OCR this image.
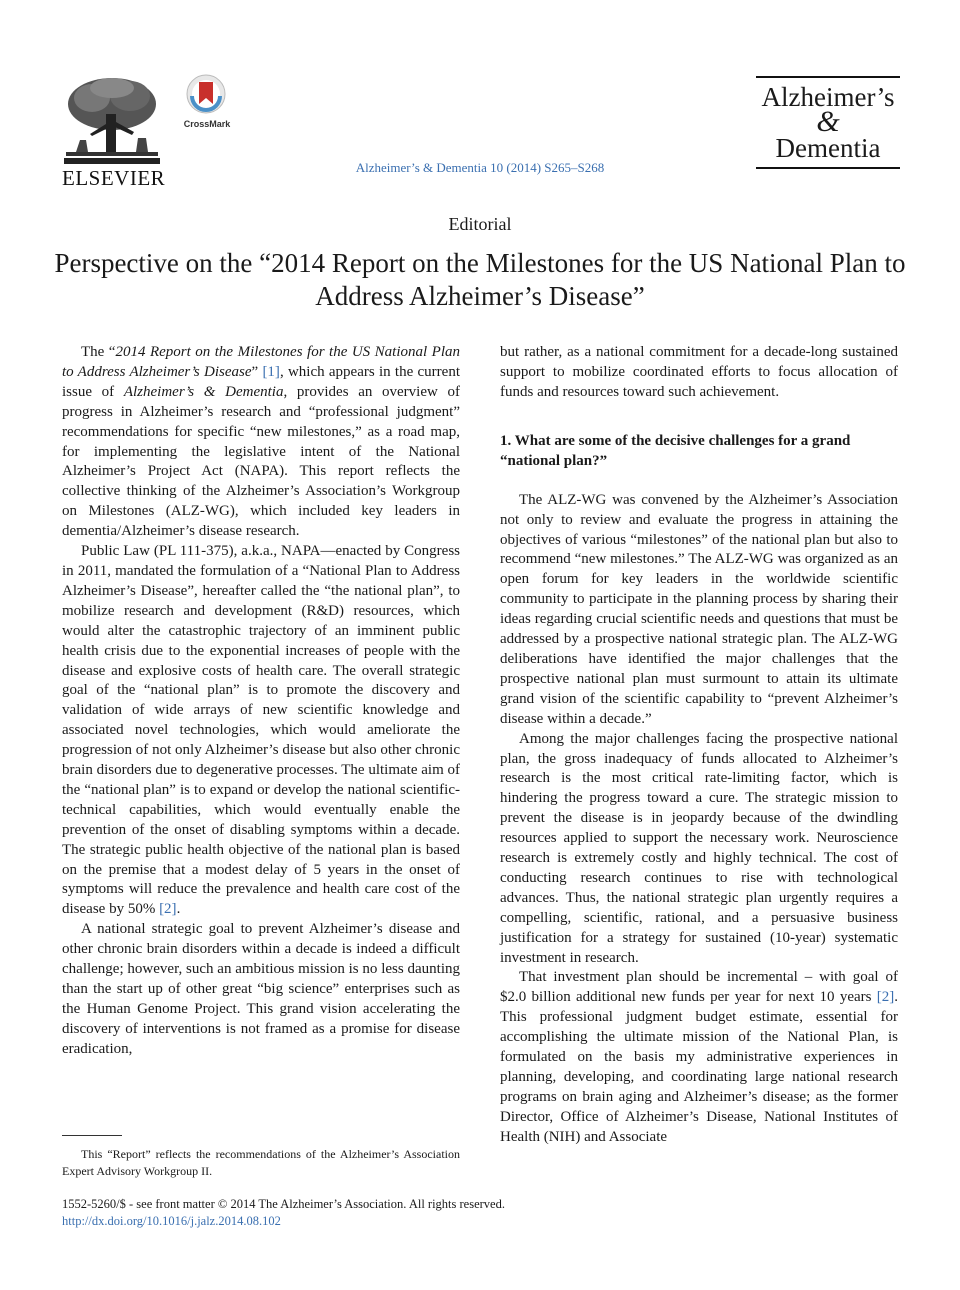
ELSEVIER
CrossMark
Alzheimer’s & Dementia 10 (2014) S265–S268
Alzheimer’s
&
Dementia
Editorial
Perspective on the “2014 Report on the Milestones for the US National Plan to Address Alzheimer’s Disease”

The “2014 Report on the Milestones for the US National Plan to Address Alzheimer’s Disease” [1], which appears in the current issue of Alzheimer’s & Dementia, provides an overview of progress in Alzheimer’s research and “professional judgment” recommendations for specific “new milestones,” as a road map, for implementing the legislative intent of the National Alzheimer’s Project Act (NAPA). This report reflects the collective thinking of the Alzheimer’s Association’s Workgroup on Milestones (ALZ-WG), which included key leaders in dementia/Alzheimer’s disease research.

Public Law (PL 111-375), a.k.a., NAPA—enacted by Congress in 2011, mandated the formulation of a “National Plan to Address Alzheimer’s Disease”, hereafter called the “the national plan”, to mobilize research and development (R&D) resources, which would alter the catastrophic trajectory of an imminent public health crisis due to the exponential increases of people with the disease and explosive costs of health care. The overall strategic goal of the “national plan” is to promote the discovery and validation of wide arrays of new scientific knowledge and associated novel technologies, which would ameliorate the progression of not only Alzheimer’s disease but also other chronic brain disorders due to degenerative processes. The ultimate aim of the “national plan” is to expand or develop the national scientific-technical capabilities, which would eventually enable the prevention of the onset of disabling symptoms within a decade. The strategic public health objective of the national plan is based on the premise that a modest delay of 5 years in the onset of symptoms will reduce the prevalence and health care cost of the disease by 50% [2].

A national strategic goal to prevent Alzheimer’s disease and other chronic brain disorders within a decade is indeed a difficult challenge; however, such an ambitious mission is no less daunting than the start up of other great “big science” enterprises such as the Human Genome Project. This grand vision accelerating the discovery of interventions is not framed as a promise for disease eradication,

but rather, as a national commitment for a decade-long sustained support to mobilize coordinated efforts to focus allocation of funds and resources toward such achievement.

1. What are some of the decisive challenges for a grand “national plan?”

The ALZ-WG was convened by the Alzheimer’s Association not only to review and evaluate the progress in attaining the objectives of various “milestones” of the national plan but also to recommend “new milestones.” The ALZ-WG was organized as an open forum for key leaders in the worldwide scientific community to participate in the planning process by sharing their ideas regarding crucial scientific needs and questions that must be addressed by a prospective national strategic plan. The ALZ-WG deliberations have identified the major challenges that the prospective national plan must surmount to attain its ultimate grand vision of the scientific capability to “prevent Alzheimer’s disease within a decade.”

Among the major challenges facing the prospective national plan, the gross inadequacy of funds allocated to Alzheimer’s research is the most critical rate-limiting factor, which is hindering the progress toward a cure. The strategic mission to prevent the disease is in jeopardy because of the dwindling resources applied to support the necessary work. Neuroscience research is extremely costly and highly technical. The cost of conducting research continues to rise with technological advances. Thus, the national strategic plan urgently requires a compelling, scientific, rational, and a persuasive business justification for a strategy for sustained (10-year) systematic investment in research.

That investment plan should be incremental – with goal of $2.0 billion additional new funds per year for next 10 years [2]. This professional judgment budget estimate, essential for accomplishing the ultimate mission of the National Plan, is formulated on the basis my administrative experiences in planning, developing, and coordinating large national research programs on brain aging and Alzheimer’s disease; as the former Director, Office of Alzheimer’s Disease, National Institutes of Health (NIH) and Associate

This “Report” reflects the recommendations of the Alzheimer’s Association Expert Advisory Workgroup II.
1552-5260/$ - see front matter © 2014 The Alzheimer’s Association. All rights reserved.
http://dx.doi.org/10.1016/j.jalz.2014.08.102
